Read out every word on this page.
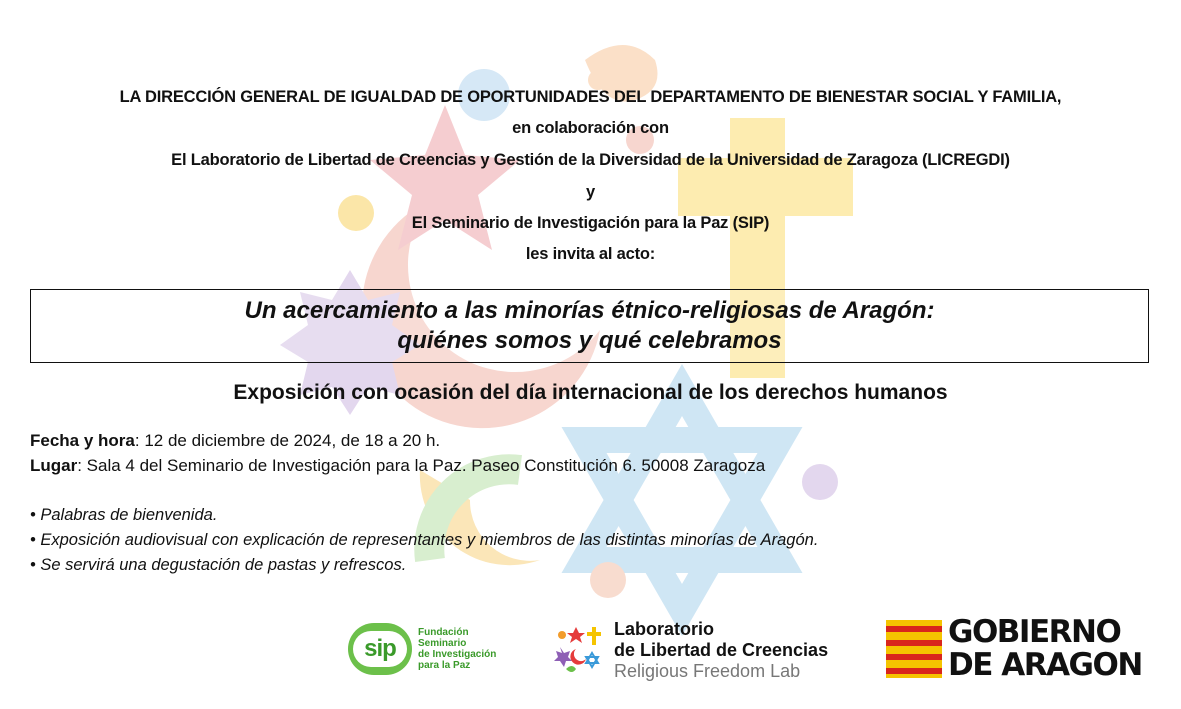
LA DIRECCIÓN GENERAL DE IGUALDAD DE OPORTUNIDADES DEL DEPARTAMENTO DE BIENESTAR SOCIAL Y FAMILIA,
en colaboración con
El Laboratorio de Libertad de Creencias y Gestión de la Diversidad de la Universidad de Zaragoza (LICREGDI)
y
El Seminario de Investigación para la Paz (SIP)
les invita al acto:
Un acercamiento a las minorías étnico-religiosas de Aragón:
quiénes somos y qué celebramos
Exposición con ocasión del día internacional de los derechos humanos
Fecha y hora: 12 de diciembre de 2024, de 18 a 20 h.
Lugar: Sala 4 del Seminario de Investigación para la Paz. Paseo Constitución 6. 50008 Zaragoza
• Palabras de bienvenida.
• Exposición audiovisual con explicación de representantes y miembros de las distintas minorías de Aragón.
• Se servirá una degustación de pastas y refrescos.
sip
Fundación
Seminario
de Investigación
para la Paz
Laboratorio
de Libertad de Creencias
Religious Freedom Lab
GOBIERNO
DE ARAGON
